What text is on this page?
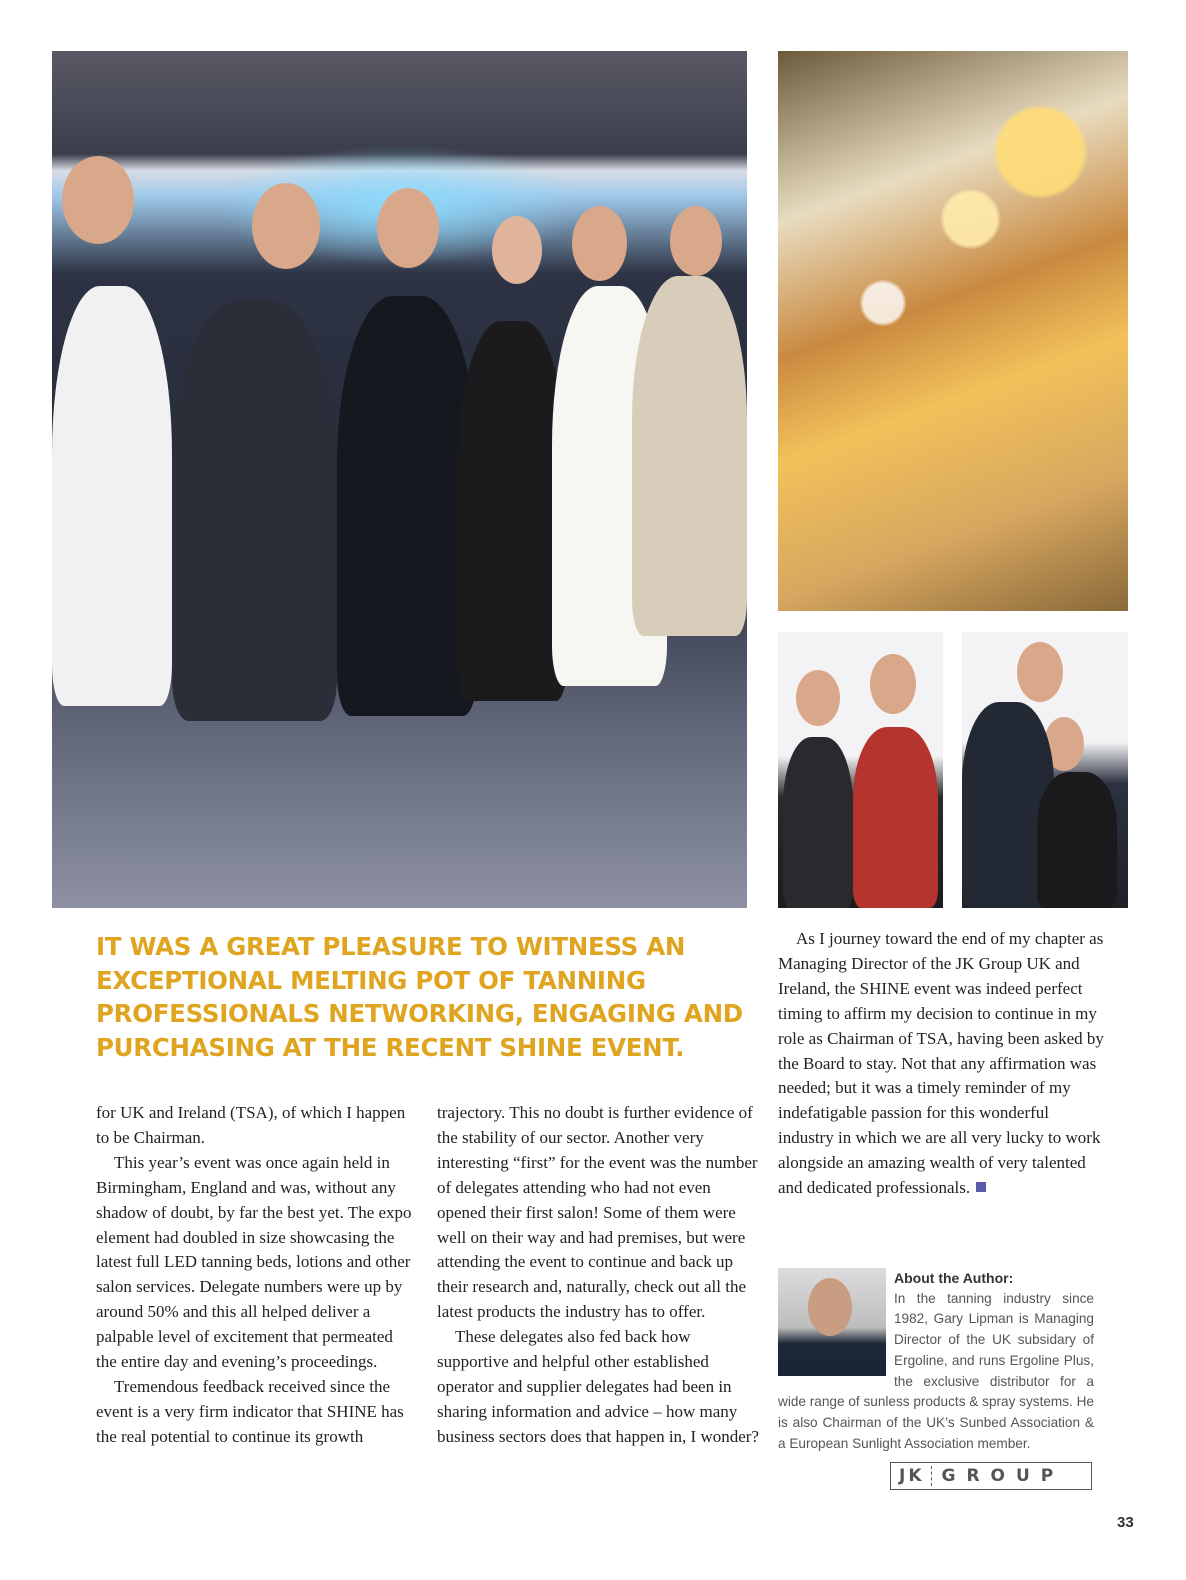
IT WAS A GREAT PLEASURE TO WITNESS AN EXCEPTIONAL MELTING POT OF TANNING PROFESSIONALS NETWORKING, ENGAGING AND PURCHASING AT THE RECENT SHINE EVENT.

for UK and Ireland (TSA), of which I happen to be Chairman.

This year’s event was once again held in Birmingham, England and was, without any shadow of doubt, by far the best yet. The expo element had doubled in size showcasing the latest full LED tanning beds, lotions and other salon services. Delegate numbers were up by around 50% and this all helped deliver a palpable level of excitement that permeated the entire day and evening’s proceedings.

Tremendous feedback received since the event is a very firm indicator that SHINE has the real potential to continue its growth

trajectory. This no doubt is further evidence of the stability of our sector. Another very interesting “first” for the event was the number of delegates attending who had not even opened their first salon! Some of them were well on their way and had premises, but were attending the event to continue and back up their research and, naturally, check out all the latest products the industry has to offer.

These delegates also fed back how supportive and helpful other established operator and supplier delegates had been in sharing information and advice – how many business sectors does that happen in, I wonder?

As I journey toward the end of my chapter as Managing Director of the JK Group UK and Ireland, the SHINE event was indeed perfect timing to affirm my decision to continue in my role as Chairman of TSA, having been asked by the Board to stay. Not that any affirmation was needed; but it was a timely reminder of my indefatigable passion for this wonderful industry in which we are all very lucky to work alongside an amazing wealth of very talented and dedicated professionals.

About the Author:
In the tanning industry since 1982, Gary Lipman is Managing Director of the UK subsidary of Ergoline, and runs Ergoline Plus, the exclusive distributor for a wide range of sunless products & spray systems. He is also Chairman of the UK’s Sunbed Association & a European Sunlight Association member.
JK	GROUP
33
